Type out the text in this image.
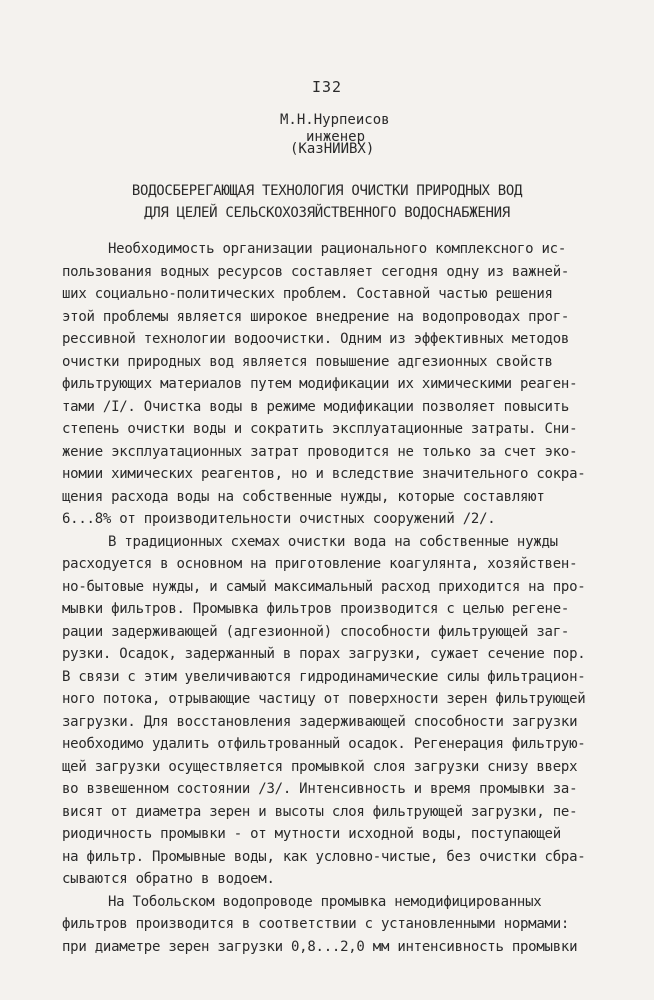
I32
М.Н.Нурпеисов
инженер
(КазНИИВХ)
ВОДОСБЕРЕГАЮЩАЯ ТЕХНОЛОГИЯ ОЧИСТКИ ПРИРОДНЫХ ВОД
ДЛЯ ЦЕЛЕЙ СЕЛЬСКОХОЗЯЙСТВЕННОГО ВОДОСНАБЖЕНИЯ
Необходимость организации рационального комплексного ис-
пользования водных ресурсов составляет сегодня одну из важней-
ших социально-политических проблем. Составной частью решения
этой проблемы является широкое внедрение на водопроводах прог-
рессивной технологии водоочистки. Одним из эффективных методов
очистки природных вод является повышение адгезионных свойств
фильтрующих материалов путем модификации их химическими реаген-
тами /I/. Очистка воды в режиме модификации позволяет повысить
степень очистки воды и сократить эксплуатационные затраты. Сни-
жение эксплуатационных затрат проводится не только за счет эко-
номии химических реагентов, но и вследствие значительного сокра-
щения расхода воды на собственные нужды, которые составляют
6...8% от производительности очистных сооружений /2/.
В традиционных схемах очистки вода на собственные нужды
расходуется в основном на приготовление коагулянта, хозяйствен-
но-бытовые нужды, и самый максимальный расход приходится на про-
мывки фильтров. Промывка фильтров производится с целью регене-
рации задерживающей (адгезионной) способности фильтрующей заг-
рузки. Осадок, задержанный в порах загрузки, сужает сечение пор.
В связи с этим увеличиваются гидродинамические силы фильтрацион-
ного потока, отрывающие частицу от поверхности зерен фильтрующей
загрузки. Для восстановления задерживающей способности загрузки
необходимо удалить отфильтрованный осадок. Регенерация фильтрую-
щей загрузки осуществляется промывкой слоя загрузки снизу вверх
во взвешенном состоянии /3/. Интенсивность и время промывки за-
висят от диаметра зерен и высоты слоя фильтрующей загрузки, пе-
риодичность промывки - от мутности исходной воды, поступающей
на фильтр. Промывные воды, как условно-чистые, без очистки сбра-
сываются обратно в водоем.
На Тобольском водопроводе промывка немодифицированных
фильтров производится в соответствии с установленными нормами:
при диаметре зерен загрузки 0,8...2,0 мм интенсивность промывки
